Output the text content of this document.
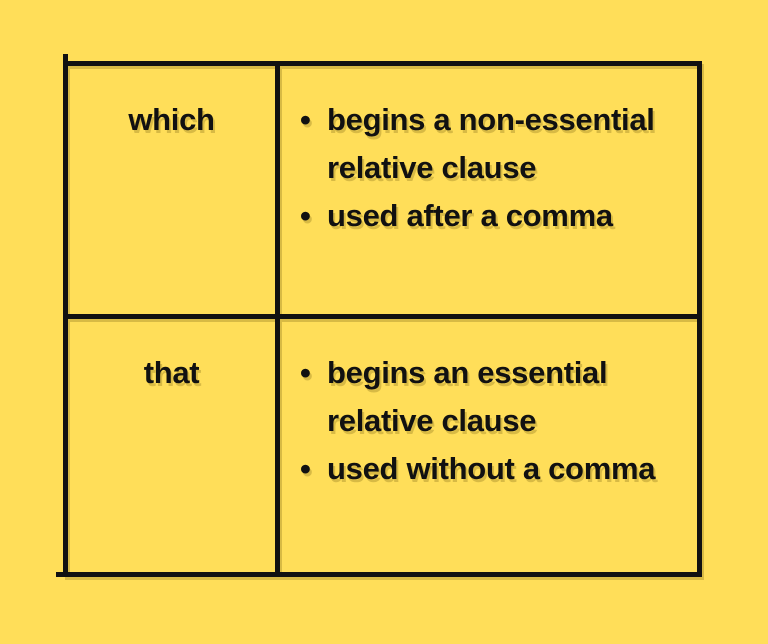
which	• begins a non-essential
relative clause
• used after a comma
that	• begins an essential
relative clause
• used without a comma
